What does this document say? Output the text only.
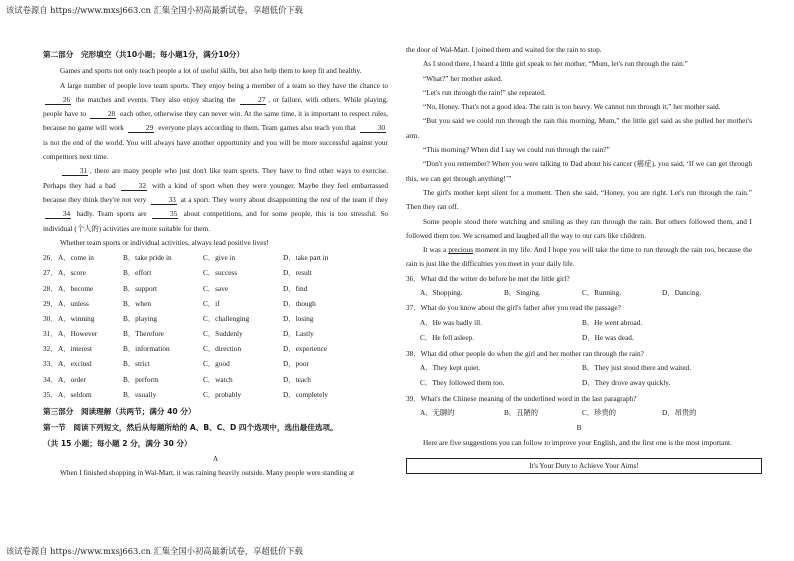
该试卷源自 https://www.mxsj663.cn 汇集全国小初高最新试卷，享超低价下载

第二部分　完形填空（共10小题；每小题1分，满分10分）

Games and sports not only teach people a lot of useful skills, but also help them to keep fit and healthy.

A large number of people love team sports. They enjoy being a member of a team so they have the chance to 26 the matches and events. They also enjoy sharing the	27 , or failure, with others. While playing, people have to	28 each other, otherwise they can never win. At the same time, it is important to respect rules, because no game will work	29 everyone plays according to them. Team games also teach you that	30 is not the end of the world. You will always have another opportunity and you will be more successful against your competitors next time.

31 , there are many people who just don't like team sports. They have to find other ways to exercise. Perhaps they had a bad	32 with a kind of sport when they were younger. Maybe they feel embarrassed because they think they're not very	33 at a sport. They worry about disappointing the rest of the team if they 34 badly. Team sports are	35 about competitions, and for some people, this is too stressful. So individual (个人的) activities are more suitable for them.

Whether team sports or individual activities, always lead positive lives!

26． A．come in	B．take pride in	C．give in	D．take part in
27． A．score	B．effort	C．success	D．result
28． A．become	B．support	C．save	D．find
29． A．unless	B．when	C．if	D．though
30． A．winning	B．playing	C．challenging	D．losing
31． A．However	B．Therefore	C．Suddenly	D．Lastly
32． A．interest	B．information	C．direction	D．experience
33． A．excited	B．strict	C．good	D．poor
34． A．order	B．perform	C．watch	D．teach
35． A．seldom	B．usually	C．probably	D．completely

第三部分　阅读理解（共两节；满分 40 分）

第一节　阅读下列短文，然后从每题所给的 A、B、C、D 四个选项中，选出最佳选项。

（共 15 小题；每小题 2 分，满分 30 分）

A

When I finished shopping in Wal-Mart, it was raining heavily outside. Many people were standing at

the door of Wal-Mart. I joined them and waited for the rain to stop.

As I stood there, I heard a little girl speak to her mother, “Mum, let's run through the rain.”

“What?” her mother asked.

“Let's run through the rain!” she repeated.

“No, Honey. That's not a good idea. The rain is too heavy. We cannot run through it,” her mother said.

“But you said we could run through the rain this morning, Mum,” the little girl said as she pulled her mother's arm.

“This morning? When did I say we could run through the rain?”

“Don't you remember? When you were talking to Dad about his cancer (癌症), you said, ‘If we can get through this, we can get through anything!’”

The girl's mother kept silent for a moment. Then she said, “Honey, you are right. Let's run through the rain.” Then they ran off.

Some people stood there watching and smiling as they ran through the rain. But others followed them, and I followed them too. We screamed and laughed all the way to our cars like children.

It was a precious moment in my life. And I hope you will take the time to run through the rain too, because the rain is just like the difficulties you meet in your daily life.

36．What did the writer do before he met the little girl?

A．Shopping.	B．Singing.	C．Running.	D．Dancing.

37．What do you know about the girl's father after you read the passage?

A．He was badly ill.	B．He went abroad.
C．He fell asleep.	D．He was dead.

38．What did other people do when the girl and her mother ran through the rain?

A．They kept quiet.	B．They just stood there and waited.
C．They followed them too.	D．They drove away quickly.

39．What's the Chinese meaning of the underlined word in the last paragraph?

A．无聊的	B．丑陋的	C．珍贵的	D．昂贵的

B

Here are five suggestions you can follow to improve your English, and the first one is the most important.

It's Your Duty to Achieve Your Aims!
该试卷源自 https://www.mxsj663.cn 汇集全国小初高最新试卷，享超低价下载
